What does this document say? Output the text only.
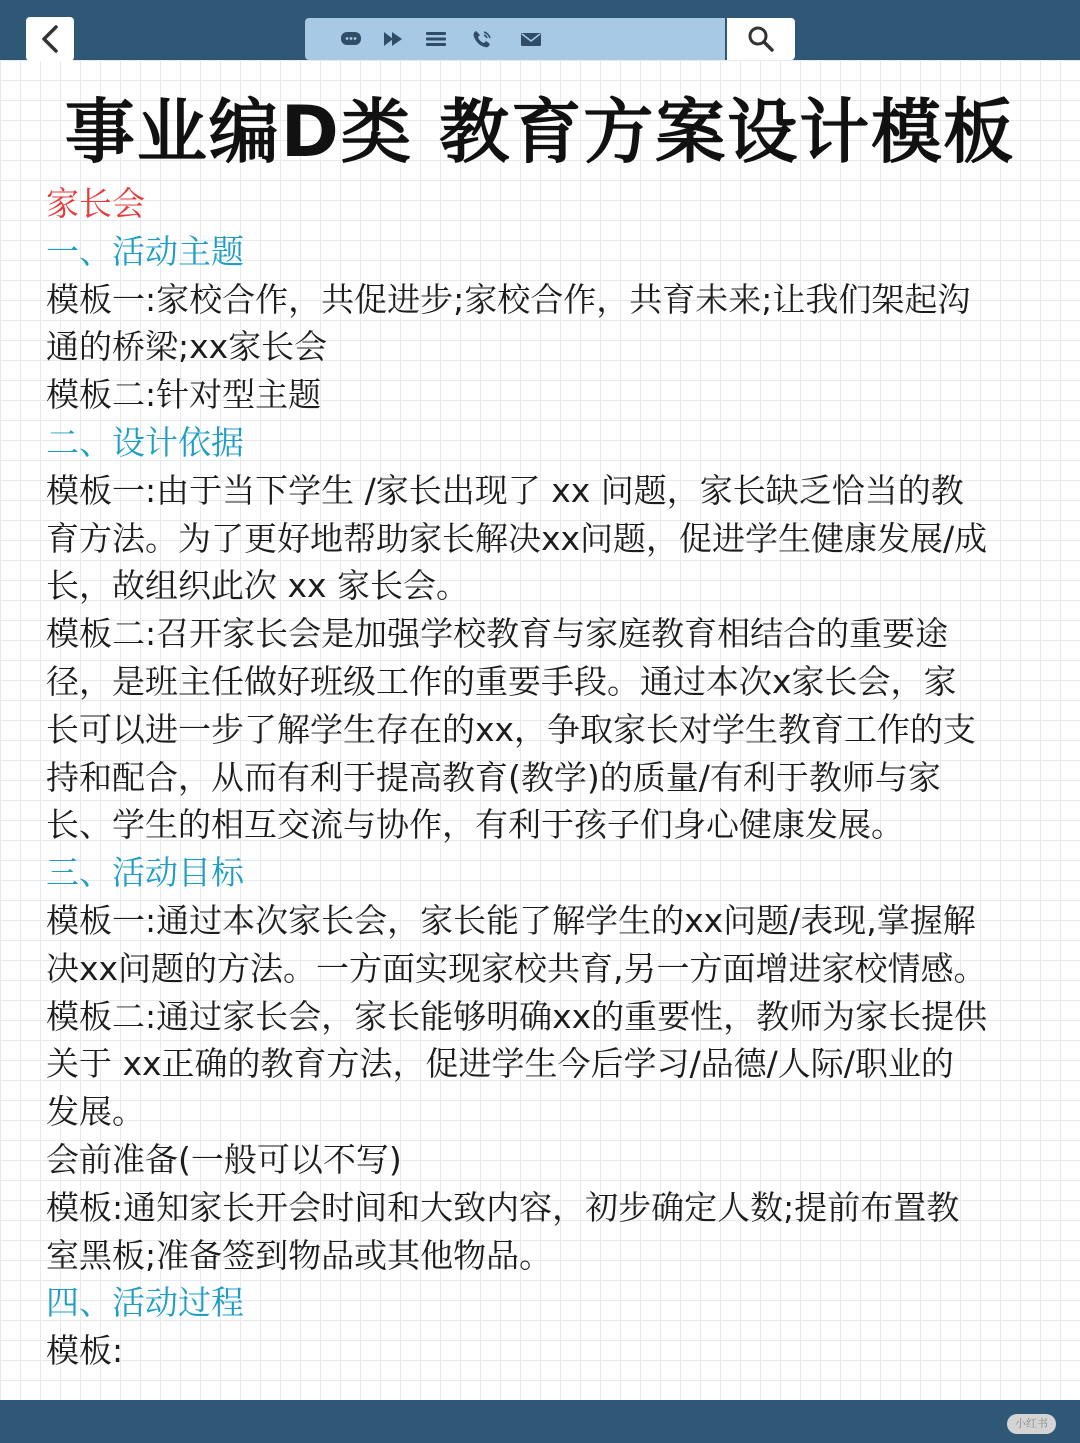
事业编D类 教育方案设计模板
家长会
一、活动主题
模板一:家校合作，共促进步;家校合作，共育未来;让我们架起沟
通的桥梁;xx家长会
模板二:针对型主题
二、设计依据
模板一:由于当下学生 /家长出现了 xx 问题，家长缺乏恰当的教
育方法。为了更好地帮助家长解决xx问题，促进学生健康发展/成
长，故组织此次 xx 家长会。
模板二:召开家长会是加强学校教育与家庭教育相结合的重要途
径，是班主任做好班级工作的重要手段。通过本次x家长会，家
长可以进一步了解学生存在的xx，争取家长对学生教育工作的支
持和配合，从而有利于提高教育(教学)的质量/有利于教师与家
长、学生的相互交流与协作，有利于孩子们身心健康发展。
三、活动目标
模板一:通过本次家长会，家长能了解学生的xx问题/表现,掌握解
决xx问题的方法。一方面实现家校共育,另一方面增进家校情感。
模板二:通过家长会，家长能够明确xx的重要性，教师为家长提供
关于 xx正确的教育方法，促进学生今后学习/品德/人际/职业的
发展。
会前准备(一般可以不写)
模板:通知家长开会时间和大致内容，初步确定人数;提前布置教
室黑板;准备签到物品或其他物品。
四、活动过程
模板:
小红书
